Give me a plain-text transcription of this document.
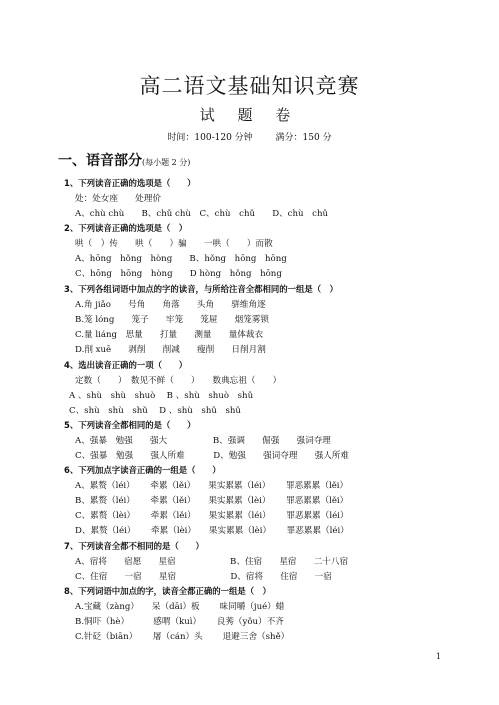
高二语文基础知识竞赛
试 题 卷
时间：100-120 分钟	满分：150 分
一、语音部分(每小题 2 分)
1、下列读音正确的选项是（　　）
处：处女座　　处理价
A、chù chù　　B、chǔ chù　C、chù　chǔ　　D、chù　chǔ
2、下列读音正确的选项是（　）
哄（　）传　　哄（　　）骗　　一哄（　　）而散
A、hōng　hǒng　hòng　　B、hǒng　hōng　hōng
C、hōng　hōng　hòng　　D hòng　hǒng　hōng
3、下列各组词语中加点的字的读音，与所给注音全都相同的一组是（　）
A.角 jiǎo　　号角　　角落　　头角　　骈维角逐
B.笼 lóng　　笼子　　牢笼　　笼屉　　烟笼雾锁
C.量 liáng　思量　　打量　　测量　　量体裁衣
D.削 xuē　　剥削　　削减　　瘦削　　日削月割
4、选出读音正确的一项（　　）
定数（　　）　数见不鲜（　　）　　数典忘祖（　　）
A 、shù　shù　shuò　 B 、shù　shuò　shǔ
C、shù　shù　shǔ　 D 、shù　shǔ　shǔ
5、下列读音全都相同的是（　　）
A、强暴　勉强　　强大　　　　　 B、强调　　倔强　　强词夺理
C、强暴　勉强　　强人所难　　　 D、勉强　　强词夺理　　强人所难
6、下列加点字读音正确的一组是（　　）
A、累赘（léi）　　 牵累（lěi）　　果实累累（léi）　　 罪恶累累（lěi）
B、累赘（léi）　　 牵累（lěi）　　果实累累（lèi）　　 罪恶累累（lěi）
C、累赘（lèi）　　 牵累（lěi）　　果实累累（léi）　　 罪恶累累（léi）
D、累赘（léi）　　 牵累（lèi）　　果实累累（lèi）　　 罪恶累累（léi）
7、下列读音全都不相同的是（　　）
A、宿将　　宿愿　　星宿　　　　　　 B、住宿　　星宿　　二十八宿
C、住宿　　一宿　　星宿　　　　　　 D、宿将　　住宿　　一宿
8、下列词语中加点的字，读音全都正确的一组是（　）
A.宝藏（zàng）　　呆（dāi）板　　 味同嚼（jué）蜡
B.恫吓（hè）　　　 感喟（kuì）　　 良莠（yǒu）不齐
C.针砭（biān）　　 屠（cán）头　　 退避三舍（shě）
1
